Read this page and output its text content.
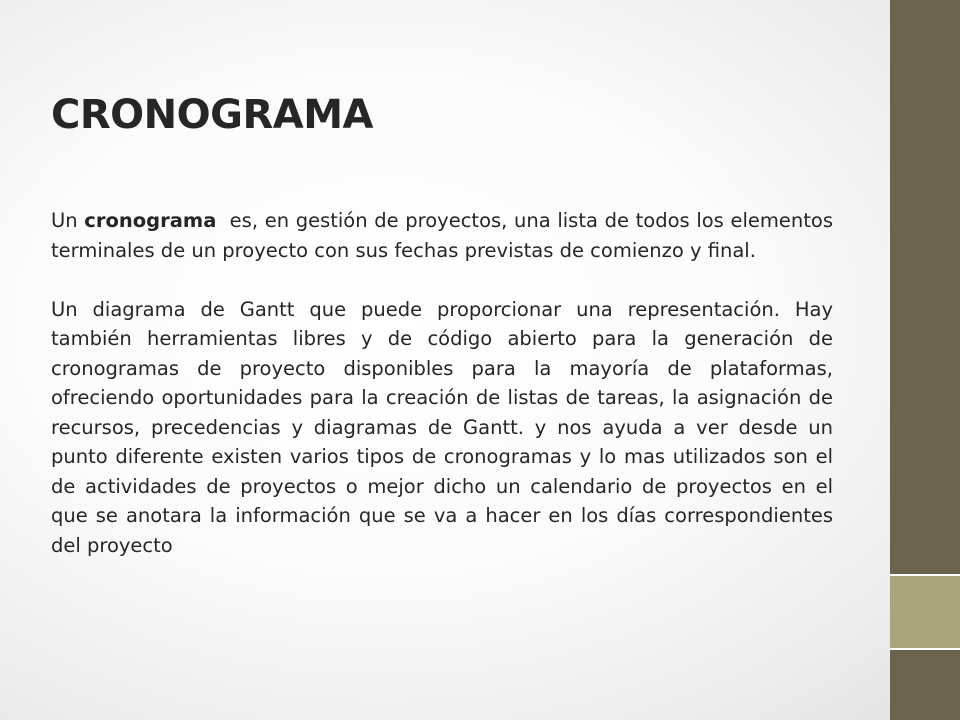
CRONOGRAMA

Un cronograma  es, en gestión de proyectos, una lista de todos los elementos terminales de un proyecto con sus fechas previstas de comienzo y final.

Un diagrama de Gantt que puede proporcionar una representación. Hay también herramientas libres y de código abierto para la generación de cronogramas de proyecto disponibles para la mayoría de plataformas, ofreciendo oportunidades para la creación de listas de tareas, la asignación de recursos, precedencias y diagramas de Gantt. y nos ayuda a ver desde un punto diferente existen varios tipos de cronogramas y lo mas utilizados son el de actividades de proyectos o mejor dicho un calendario de proyectos en el que se anotara la información que se va a hacer en los días correspondientes del proyecto
